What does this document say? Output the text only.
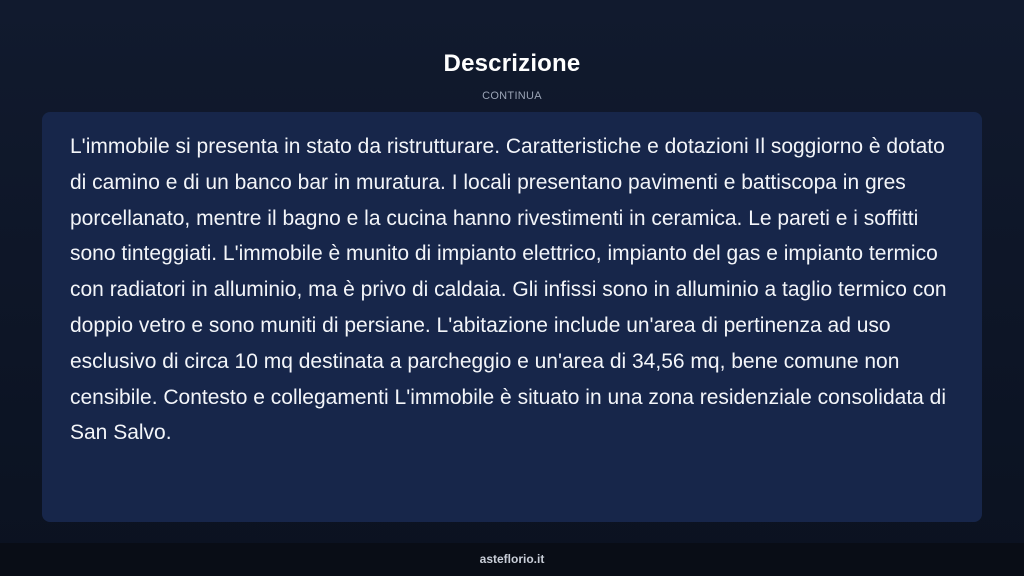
Descrizione
CONTINUA

L'immobile si presenta in stato da ristrutturare. Caratteristiche e dotazioni Il soggiorno è dotato di camino e di un banco bar in muratura. I locali presentano pavimenti e battiscopa in gres porcellanato, mentre il bagno e la cucina hanno rivestimenti in ceramica. Le pareti e i soffitti sono tinteggiati. L'immobile è munito di impianto elettrico, impianto del gas e impianto termico con radiatori in alluminio, ma è privo di caldaia. Gli infissi sono in alluminio a taglio termico con doppio vetro e sono muniti di persiane. L'abitazione include un'area di pertinenza ad uso esclusivo di circa 10 mq destinata a parcheggio e un'area di 34,56 mq, bene comune non censibile. Contesto e collegamenti L'immobile è situato in una zona residenziale consolidata di San Salvo.

asteflorio.it
